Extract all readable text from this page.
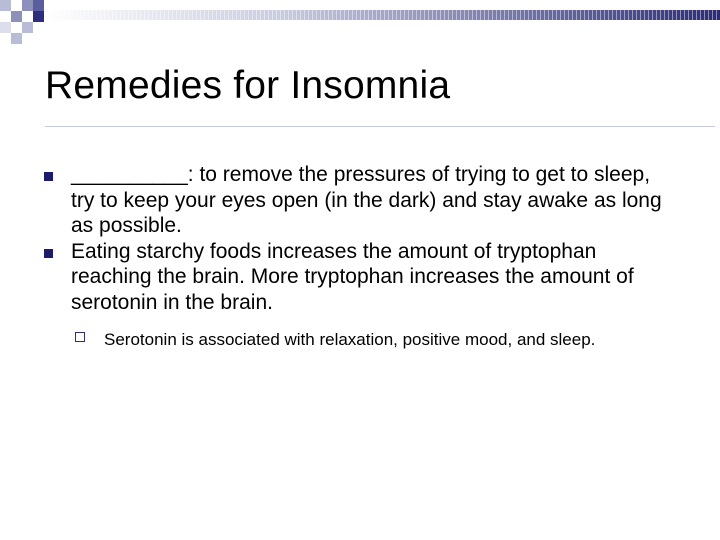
Remedies for Insomnia
__________: to remove the pressures of trying to get to sleep, try to keep your eyes open (in the dark) and stay awake as long as possible.
Eating starchy foods increases the amount of tryptophan reaching the brain. More tryptophan increases the amount of serotonin in the brain.
Serotonin is associated with relaxation, positive mood, and sleep.
